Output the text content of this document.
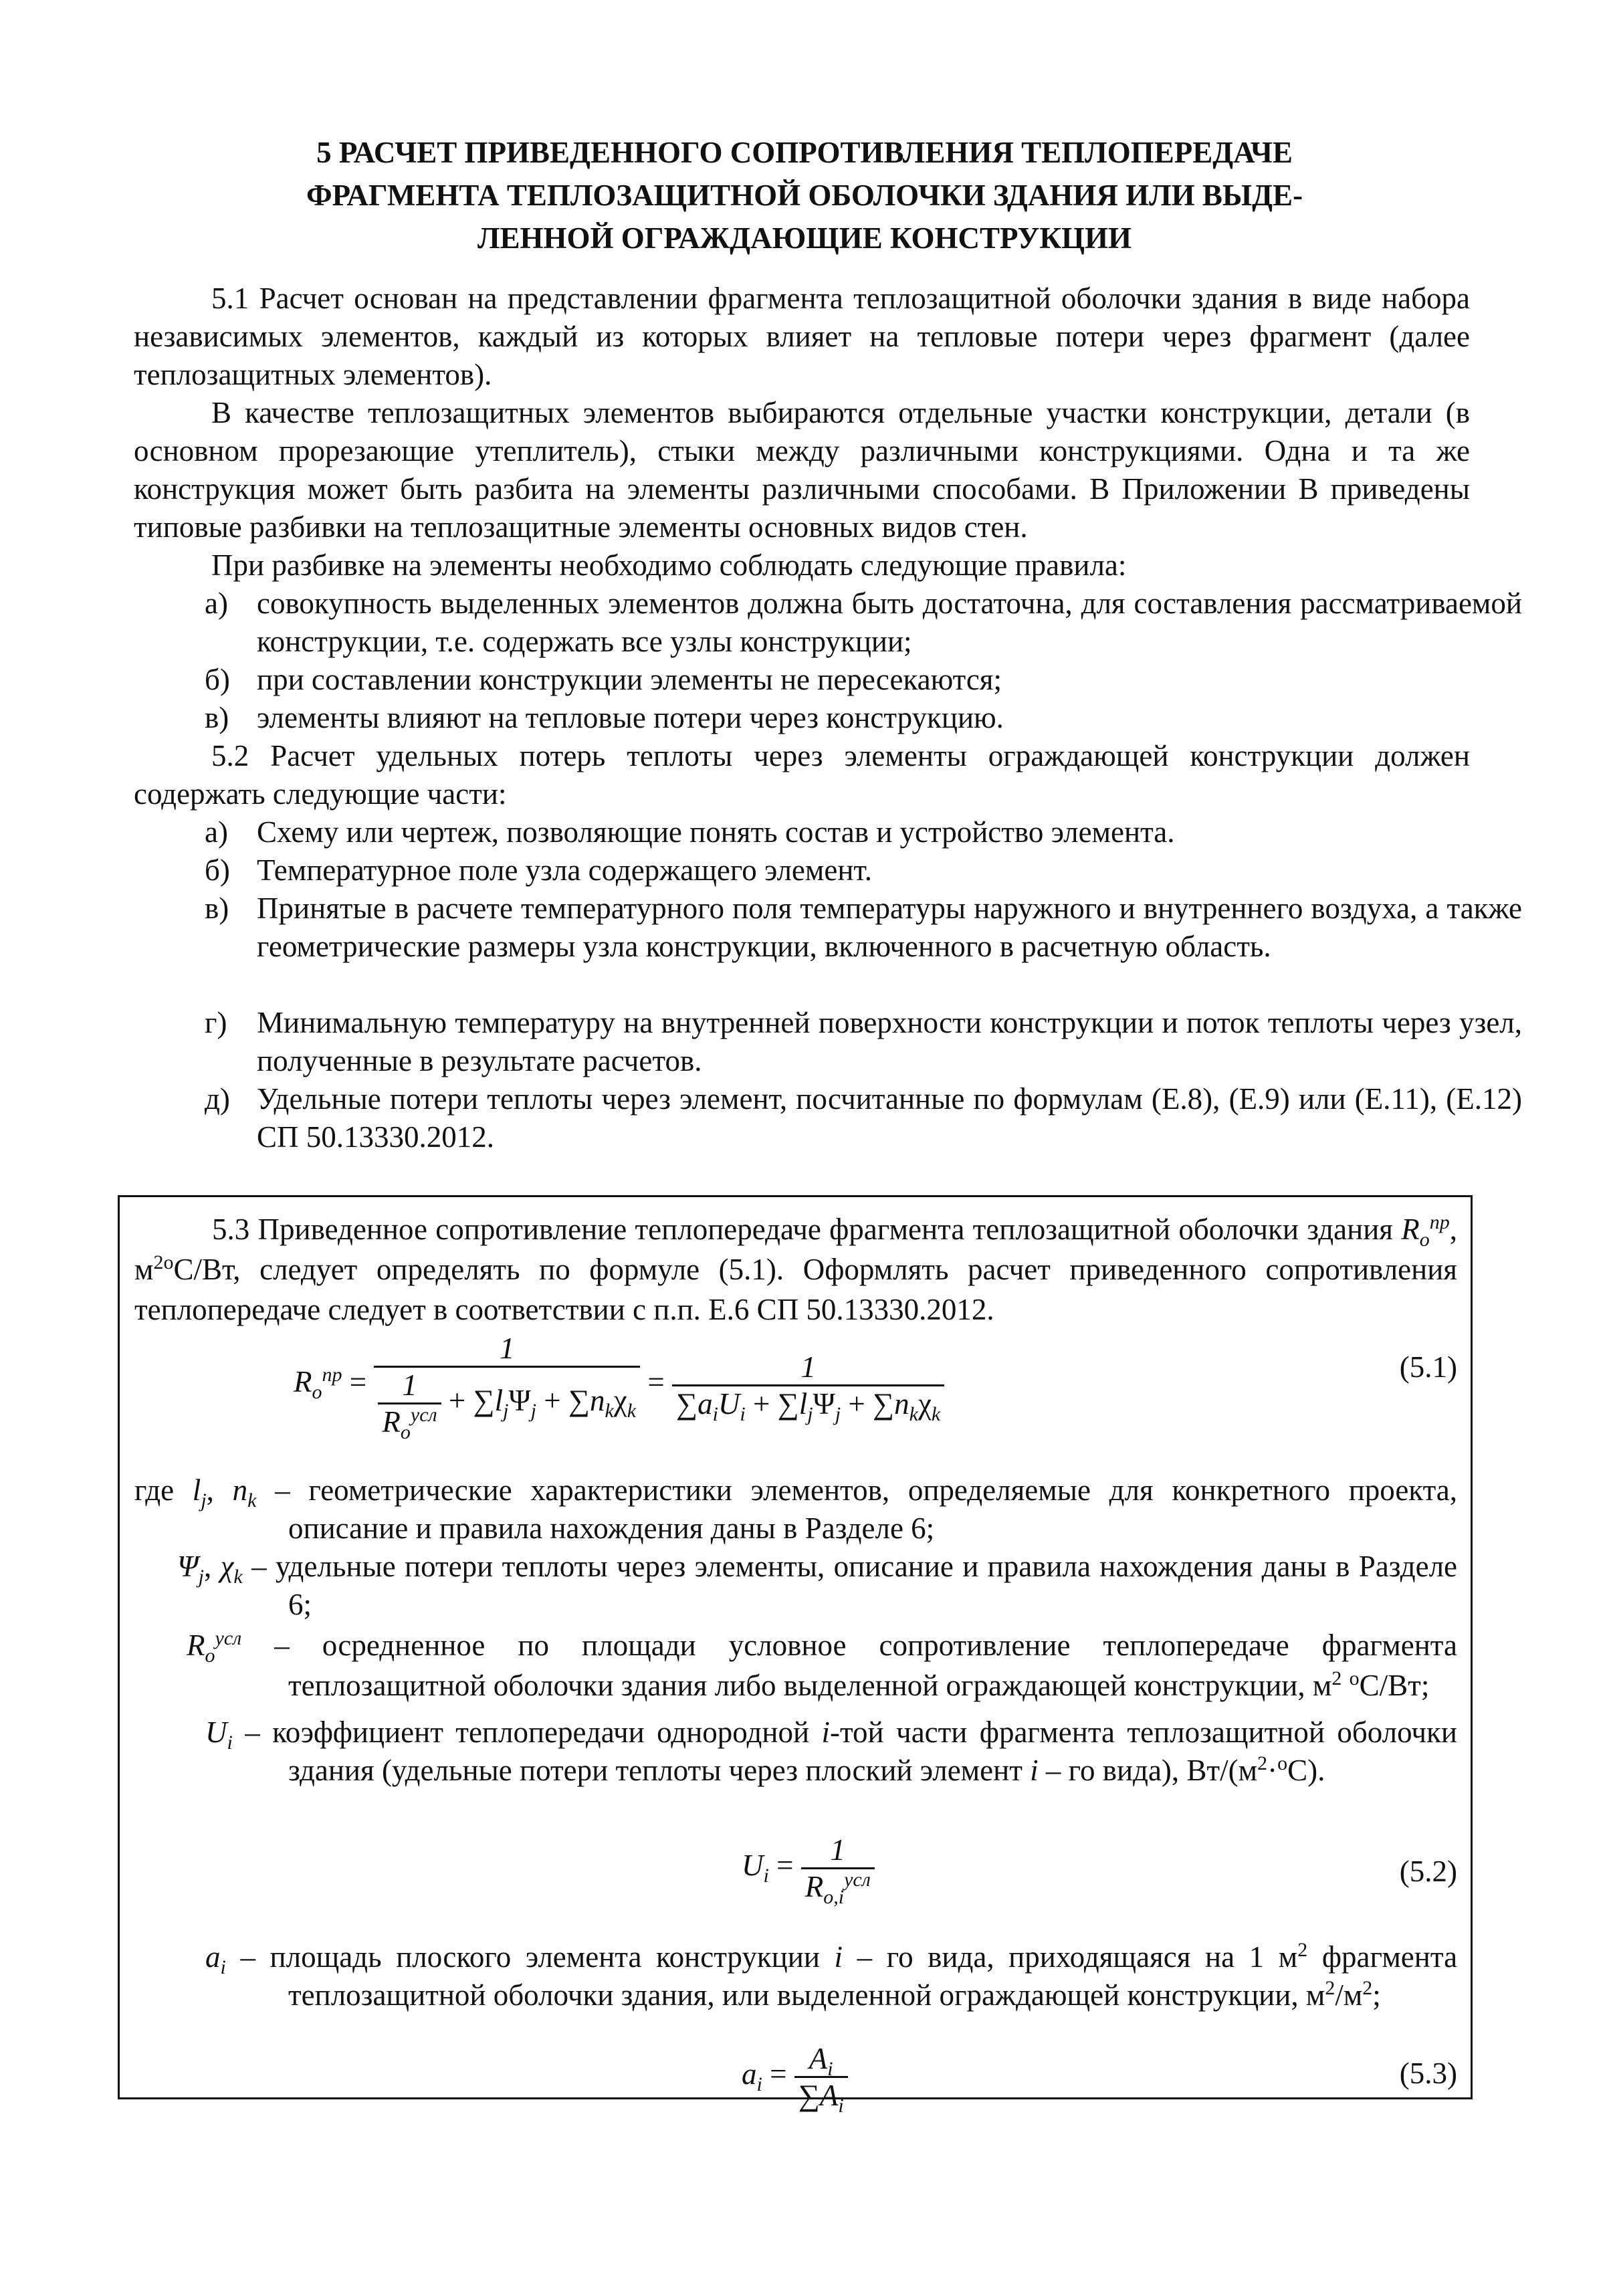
5 РАСЧЕТ ПРИВЕДЕННОГО СОПРОТИВЛЕНИЯ ТЕПЛОПЕРЕДАЧЕ
ФРАГМЕНТА ТЕПЛОЗАЩИТНОЙ ОБОЛОЧКИ ЗДАНИЯ ИЛИ ВЫДЕ-
ЛЕННОЙ ОГРАЖДАЮЩИЕ КОНСТРУКЦИИ
5.1 Расчет основан на представлении фрагмента теплозащитной оболочки здания в виде набора независимых элементов, каждый из которых влияет на тепловые потери через фрагмент (далее теплозащитных элементов).
В качестве теплозащитных элементов выбираются отдельные участки конструкции, детали (в основном прорезающие утеплитель), стыки между различными конструкциями. Одна и та же конструкция может быть разбита на элементы различными способами. В Приложении В приведены типовые разбивки на теплозащитные элементы основных видов стен.
При разбивке на элементы необходимо соблюдать следующие правила:
а) совокупность выделенных элементов должна быть достаточна, для составления рассматриваемой конструкции, т.е. содержать все узлы конструкции;
б) при составлении конструкции элементы не пересекаются;
в) элементы влияют на тепловые потери через конструкцию.
5.2 Расчет удельных потерь теплоты через элементы ограждающей конструкции должен содержать следующие части:
а) Схему или чертеж, позволяющие понять состав и устройство элемента.
б) Температурное поле узла содержащего элемент.
в) Принятые в расчете температурного поля температуры наружного и внутреннего воздуха, а также геометрические размеры узла конструкции, включенного в расчетную область.
г) Минимальную температуру на внутренней поверхности конструкции и поток теплоты через узел, полученные в результате расчетов.
д) Удельные потери теплоты через элемент, посчитанные по формулам (Е.8), (Е.9) или (Е.11), (Е.12) СП 50.13330.2012.
5.3 Приведенное сопротивление теплопередаче фрагмента теплозащитной оболочки здания $R_o^{пр}$, $м^{2о}С/Вт$, следует определять по формуле (5.1). Оформлять расчет приведенного сопротивления теплопередаче следует в соответствии с п.п. Е.6 СП 50.13330.2012.
$R_o^{пр} = \frac{1}{\frac{1}{R_o^{усл}} + \sum l_j\Psi_j + \sum n_k\chi_k} = \frac{1}{\sum a_iU_i + \sum l_j\Psi_j + \sum n_k\chi_k}$	(5.1)
где $l_j$, $n_k$ – геометрические характеристики элементов, определяемые для конкретного проекта, описание и правила нахождения даны в Разделе 6;
$\Psi_j$, $\chi_k$ – удельные потери теплоты через элементы, описание и правила нахождения даны в Разделе 6;
$R_o^{усл}$ – осредненное по площади условное сопротивление теплопередаче фрагмента теплозащитной оболочки здания либо выделенной ограждающей конструкции, $м^2$ $^о$С/Вт;
$U_i$ – коэффициент теплопередачи однородной i-той части фрагмента теплозащитной оболочки здания (удельные потери теплоты через плоский элемент i – го вида), $Вт/(м^2\cdot^оС)$.
$U_i = \frac{1}{R_{o,i}^{усл}}$	(5.2)
$a_i$ – площадь плоского элемента конструкции i – го вида, приходящаяся на 1 $м^2$ фрагмента теплозащитной оболочки здания, или выделенной ограждающей конструкции, $м^2/м^2$;
$a_i = \frac{A_i}{\sum A_i}$	(5.3)
